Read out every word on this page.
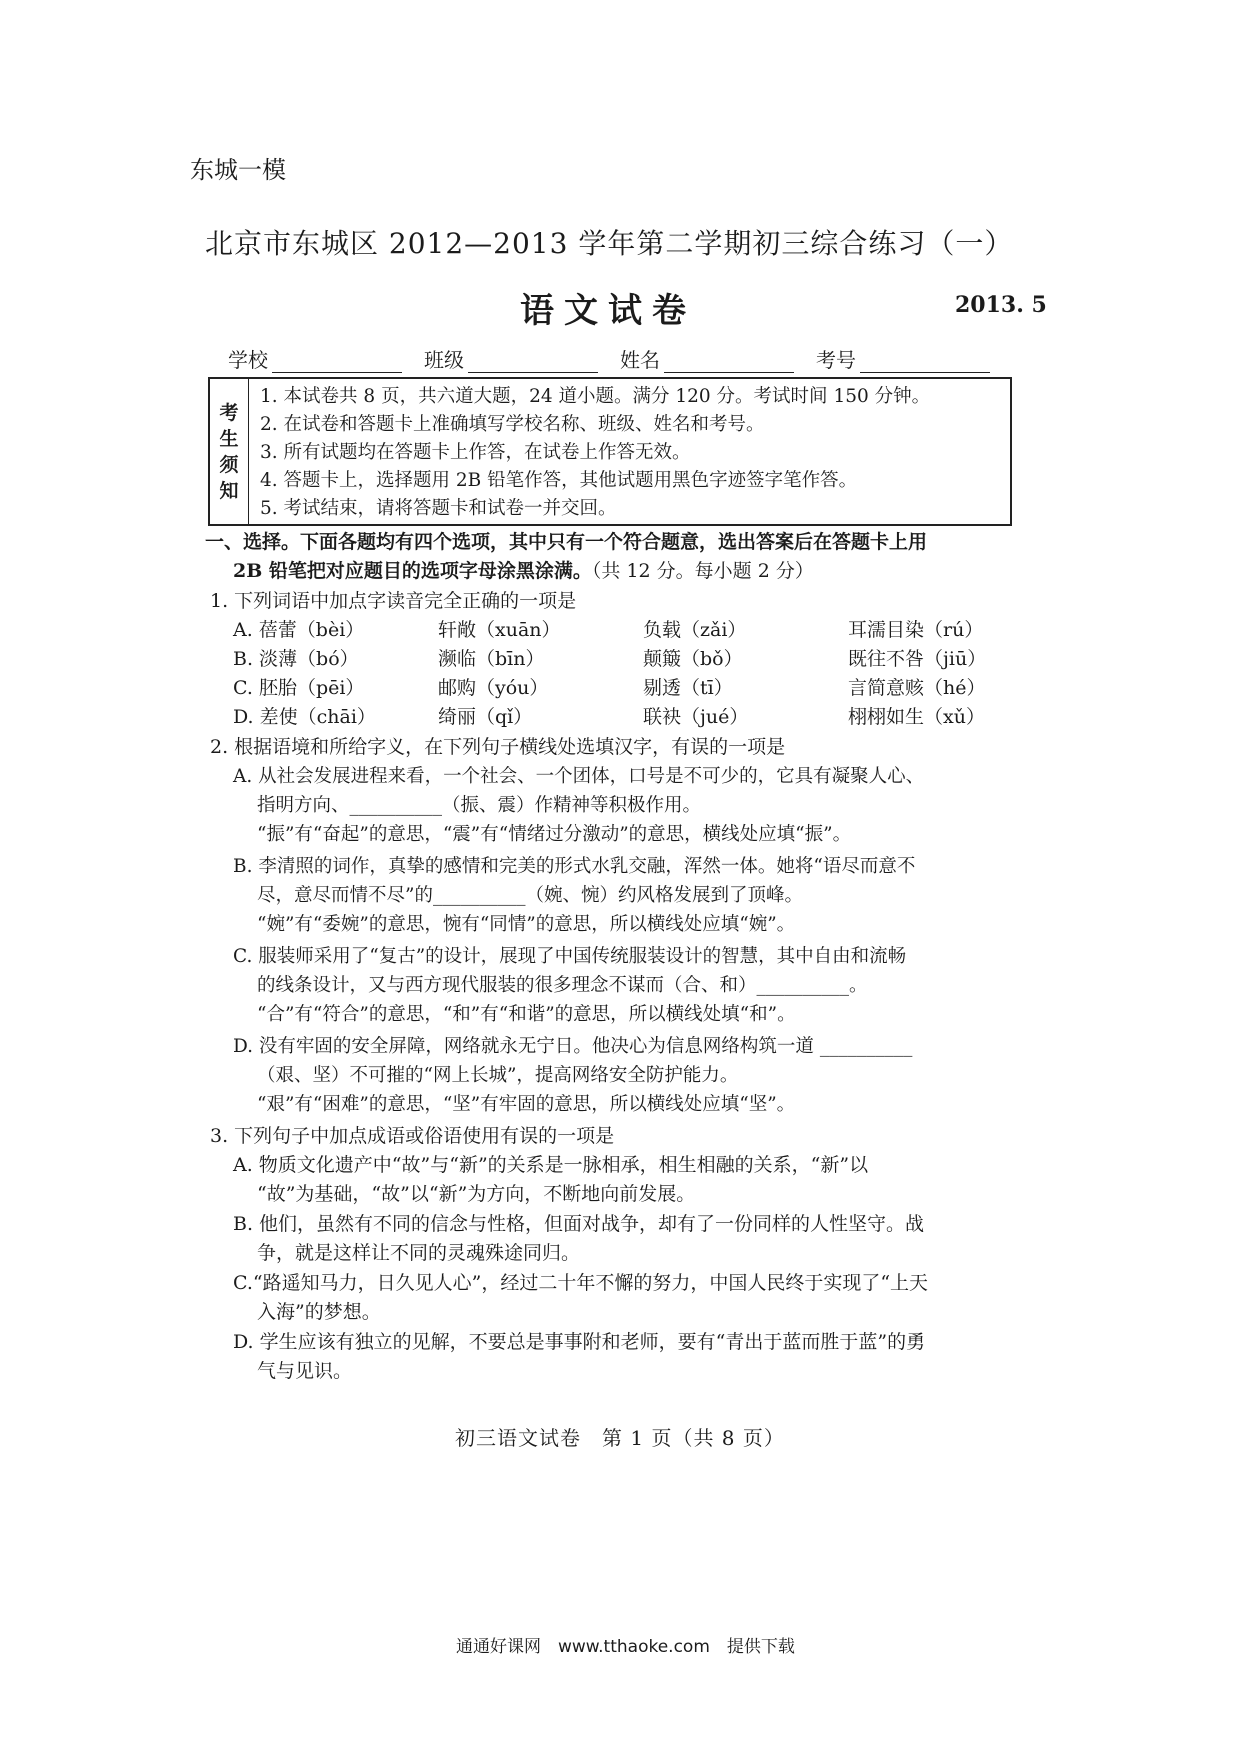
东城一模
北京市东城区 2012—2013 学年第二学期初三综合练习（一）
语文试卷	2013. 5
学校	班级	姓名	考号
考
生
须
知
1. 本试卷共 8 页，共六道大题，24 道小题。满分 120 分。考试时间 150 分钟。
2. 在试卷和答题卡上准确填写学校名称、班级、姓名和考号。
3. 所有试题均在答题卡上作答，在试卷上作答无效。
4. 答题卡上，选择题用 2B 铅笔作答，其他试题用黑色字迹签字笔作答。
5. 考试结束，请将答题卡和试卷一并交回。
一、选择。下面各题均有四个选项，其中只有一个符合题意，选出答案后在答题卡上用
2B 铅笔把对应题目的选项字母涂黑涂满。（共 12 分。每小题 2 分）
1. 下列词语中加点字读音完全正确的一项是
A. 蓓蕾（bèi）	轩敞（xuān）	负载（zǎi）	耳濡目染（rú）
B. 淡薄（bó）	濒临（bīn）	颠簸（bǒ）	既往不咎（jiū）
C. 胚胎（pēi）	邮购（yóu）	剔透（tī）	言简意赅（hé）
D. 差使（chāi）	绮丽（qǐ）	联袂（jué）	栩栩如生（xǔ）
2. 根据语境和所给字义，在下列句子横线处选填汉字，有误的一项是
A. 从社会发展进程来看，一个社会、一个团体，口号是不可少的，它具有凝聚人心、
指明方向、__________（振、震）作精神等积极作用。
“振”有“奋起”的意思，“震”有“情绪过分激动”的意思，横线处应填“振”。
B. 李清照的词作，真挚的感情和完美的形式水乳交融，浑然一体。她将“语尽而意不
尽，意尽而情不尽”的__________（婉、惋）约风格发展到了顶峰。
“婉”有“委婉”的意思，惋有“同情”的意思，所以横线处应填“婉”。
C. 服装师采用了“复古”的设计，展现了中国传统服装设计的智慧，其中自由和流畅
的线条设计，又与西方现代服装的很多理念不谋而（合、和）__________。
“合”有“符合”的意思，“和”有“和谐”的意思，所以横线处填“和”。
D. 没有牢固的安全屏障，网络就永无宁日。他决心为信息网络构筑一道 __________
（艰、坚）不可摧的“网上长城”，提高网络安全防护能力。
“艰”有“困难”的意思，“坚”有牢固的意思，所以横线处应填“坚”。
3. 下列句子中加点成语或俗语使用有误的一项是
A. 物质文化遗产中“故”与“新”的关系是一脉相承，相生相融的关系，“新”以
“故”为基础，“故”以“新”为方向，不断地向前发展。
B. 他们，虽然有不同的信念与性格，但面对战争，却有了一份同样的人性坚守。战
争，就是这样让不同的灵魂殊途同归。
C.“路遥知马力，日久见人心”，经过二十年不懈的努力，中国人民终于实现了“上天
入海”的梦想。
D. 学生应该有独立的见解，不要总是事事附和老师，要有“青出于蓝而胜于蓝”的勇
气与见识。
初三语文试卷　第 1 页（共 8 页）
通通好课网　www.tthaoke.com　提供下载
